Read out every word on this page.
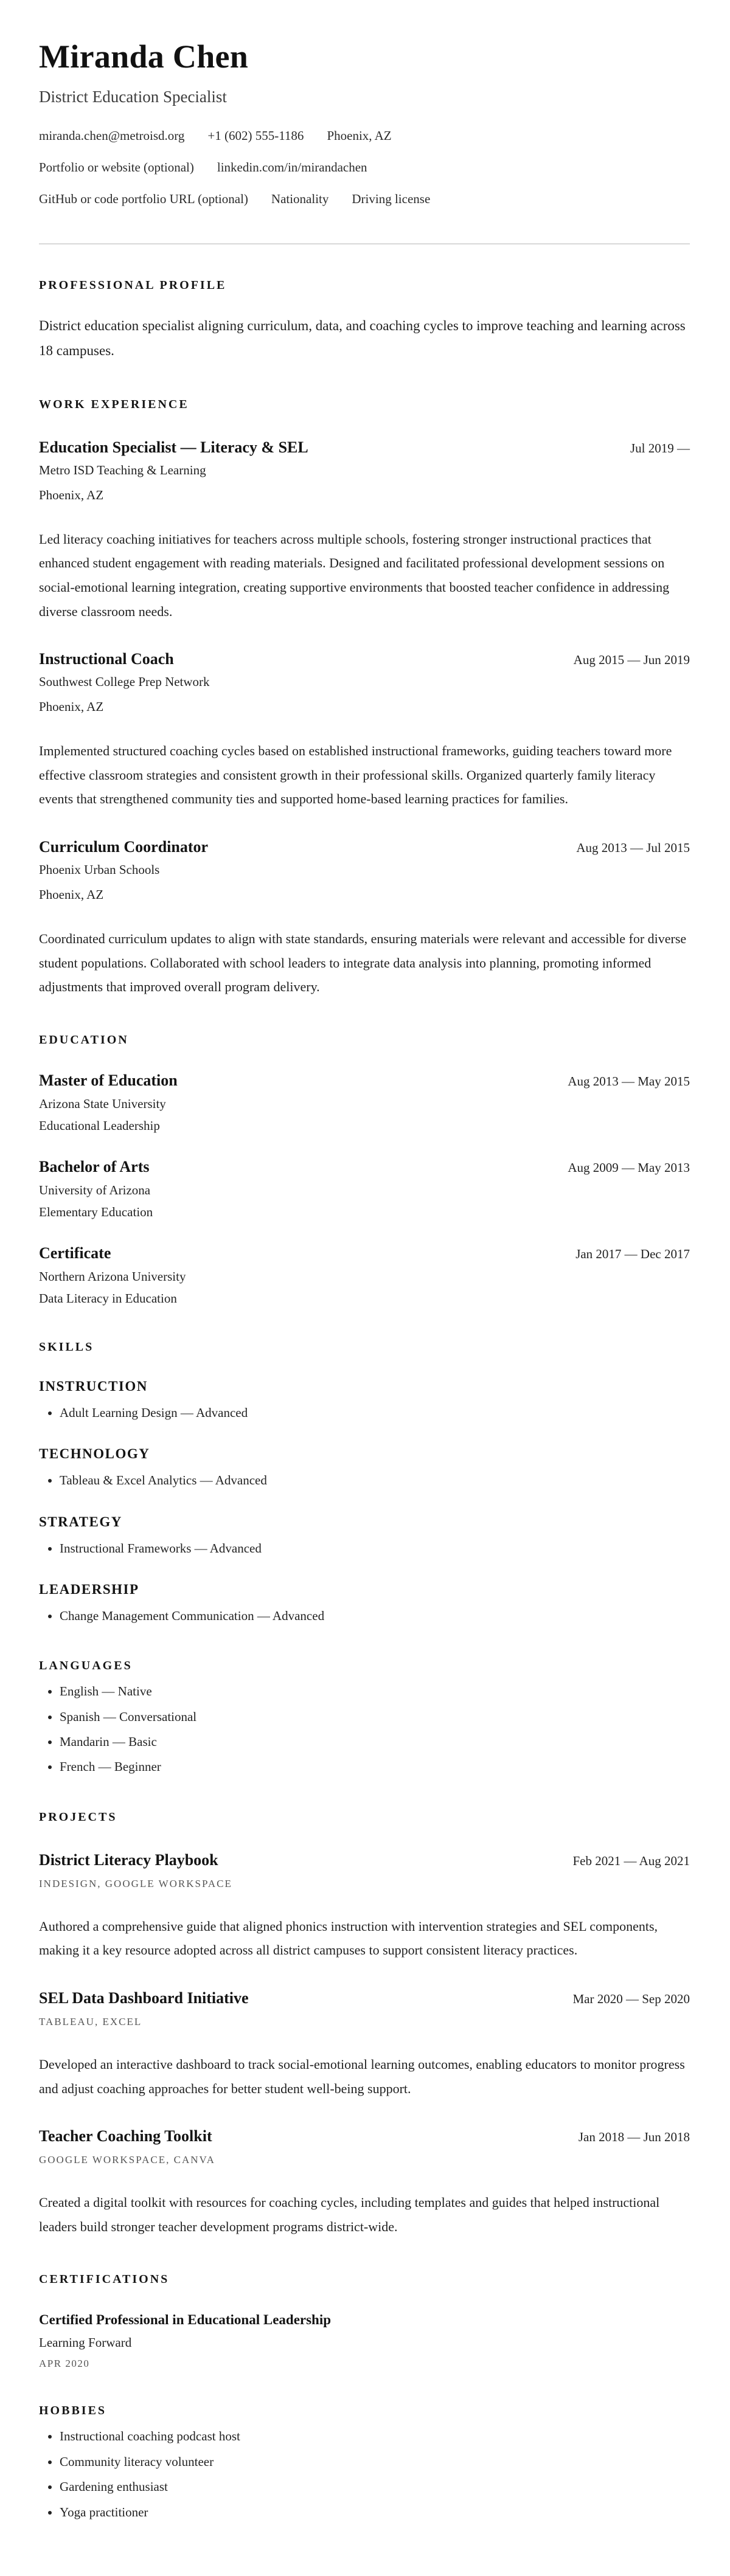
Miranda Chen
District Education Specialist
miranda.chen@metroisd.org +1 (602) 555-1186 Phoenix, AZ
Portfolio or website (optional) linkedin.com/in/mirandachen
GitHub or code portfolio URL (optional) Nationality Driving license
PROFESSIONAL PROFILE

District education specialist aligning curriculum, data, and coaching cycles to improve teaching and learning across 18 campuses.

WORK EXPERIENCE
Education Specialist — Literacy & SEL	Jul 2019 —
Metro ISD Teaching & Learning
Phoenix, AZ

Led literacy coaching initiatives for teachers across multiple schools, fostering stronger instructional practices that enhanced student engagement with reading materials. Designed and facilitated professional development sessions on social-emotional learning integration, creating supportive environments that boosted teacher confidence in addressing diverse classroom needs.

Instructional Coach	Aug 2015 — Jun 2019
Southwest College Prep Network
Phoenix, AZ

Implemented structured coaching cycles based on established instructional frameworks, guiding teachers toward more effective classroom strategies and consistent growth in their professional skills. Organized quarterly family literacy events that strengthened community ties and supported home-based learning practices for families.

Curriculum Coordinator	Aug 2013 — Jul 2015
Phoenix Urban Schools
Phoenix, AZ

Coordinated curriculum updates to align with state standards, ensuring materials were relevant and accessible for diverse student populations. Collaborated with school leaders to integrate data analysis into planning, promoting informed adjustments that improved overall program delivery.

EDUCATION
Master of Education	Aug 2013 — May 2015
Arizona State University
Educational Leadership
Bachelor of Arts	Aug 2009 — May 2013
University of Arizona
Elementary Education
Certificate	Jan 2017 — Dec 2017
Northern Arizona University
Data Literacy in Education
SKILLS
INSTRUCTION
• Adult Learning Design — Advanced
TECHNOLOGY
• Tableau & Excel Analytics — Advanced
STRATEGY
• Instructional Frameworks — Advanced
LEADERSHIP
• Change Management Communication — Advanced
LANGUAGES
• English — Native
• Spanish — Conversational
• Mandarin — Basic
• French — Beginner
PROJECTS
District Literacy Playbook	Feb 2021 — Aug 2021
INDESIGN, GOOGLE WORKSPACE

Authored a comprehensive guide that aligned phonics instruction with intervention strategies and SEL components, making it a key resource adopted across all district campuses to support consistent literacy practices.

SEL Data Dashboard Initiative	Mar 2020 — Sep 2020
TABLEAU, EXCEL

Developed an interactive dashboard to track social-emotional learning outcomes, enabling educators to monitor progress and adjust coaching approaches for better student well-being support.

Teacher Coaching Toolkit	Jan 2018 — Jun 2018
GOOGLE WORKSPACE, CANVA

Created a digital toolkit with resources for coaching cycles, including templates and guides that helped instructional leaders build stronger teacher development programs district-wide.

CERTIFICATIONS
Certified Professional in Educational Leadership
Learning Forward
APR 2020
HOBBIES
• Instructional coaching podcast host
• Community literacy volunteer
• Gardening enthusiast
• Yoga practitioner
